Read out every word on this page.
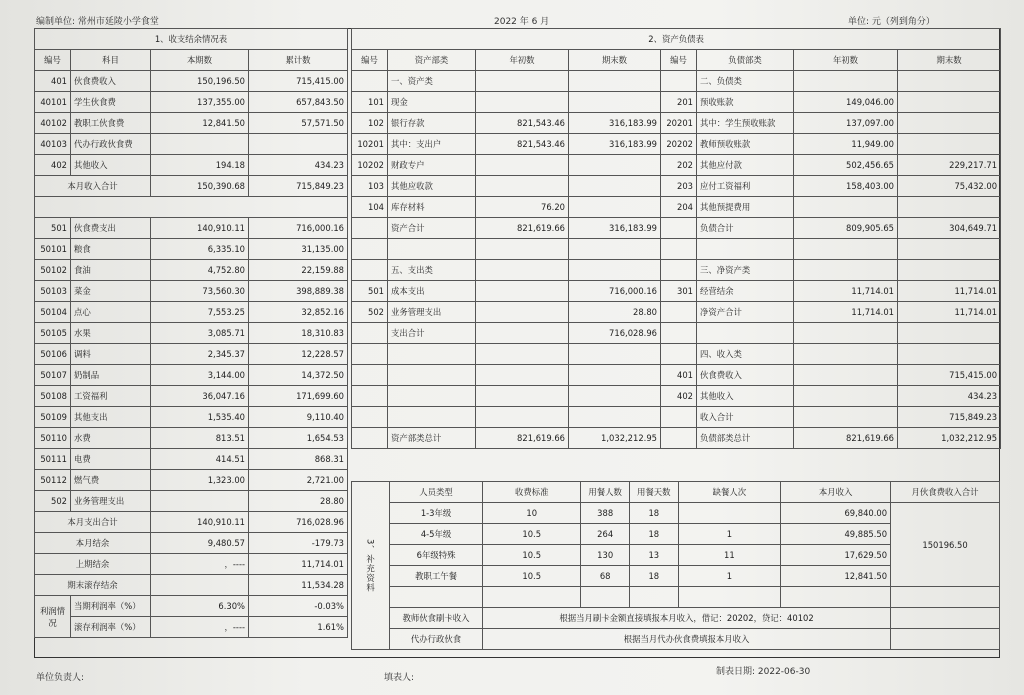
编制单位: 常州市延陵小学食堂	2022 年 6 月	单位: 元（列到角分）
1、收支结余情况表			
编号	科目	本期数	累计数
401	伙食费收入	150,196.50	715,415.00
40101	学生伙食费	137,355.00	657,843.50
40102	教职工伙食费	12,841.50	57,571.50
40103	代办行政伙食费		
402	其他收入	194.18	434.23
本月收入合计		150,390.68	715,849.23

501	伙食费支出	140,910.11	716,000.16
50101	粮食	6,335.10	31,135.00
50102	食油	4,752.80	22,159.88
50103	菜金	73,560.30	398,889.38
50104	点心	7,553.25	32,852.16
50105	水果	3,085.71	18,310.83
50106	调料	2,345.37	12,228.57
50107	奶制品	3,144.00	14,372.50
50108	工资福利	36,047.16	171,699.60
50109	其他支出	1,535.40	9,110.40
50110	水费	813.51	1,654.53
50111	电费	414.51	868.31
50112	燃气费	1,323.00	2,721.00
502	业务管理支出		28.80
本月支出合计		140,910.11	716,028.96
本月结余		9,480.57	-179.73
上期结余		，----	11,714.01
期末滚存结余			11,534.28
利润情况	当期利润率（%）	6.30%	-0.03%
	滚存利润率（%）	，----	1.61%
2、资产负债表							
编号	资产部类	年初数	期末数	编号	负债部类	年初数	期末数
	一、资产类				二、负债类		
101	现金			201	预收账款	149,046.00	
102	银行存款	821,543.46	316,183.99	20201	其中：学生预收账款	137,097.00	
10201	其中：支出户	821,543.46	316,183.99	20202	教师预收账款	11,949.00	
10202	财政专户			202	其他应付款	502,456.65	229,217.71
103	其他应收款			203	应付工资福利	158,403.00	75,432.00
104	库存材料	76.20		204	其他预提费用		
	资产合计	821,619.66	316,183.99		负债合计	809,905.65	304,649.71

	五、支出类				三、净资产类		
501	成本支出		716,000.16	301	经营结余	11,714.01	11,714.01
502	业务管理支出		28.80		净资产合计	11,714.01	11,714.01
	支出合计		716,028.96				
					四、收入类		
				401	伙食费收入		715,415.00
				402	其他收入		434.23
					收入合计		715,849.23
	资产部类总计	821,619.66	1,032,212.95		负债部类总计	821,619.66	1,032,212.95
3、补充资料	人员类型	收费标准	用餐人数	用餐天数	缺餐人次	本月收入	月伙食费收入合计
	1-3年级	10	388	18		69,840.00	150196.50
	4-5年级	10.5	264	18	1	49,885.50	
	6年级特殊	10.5	130	13	11	17,629.50	
	教职工午餐	10.5	68	18	1	12,841.50	

	教师伙食刷卡收入	根据当月刷卡金额直接填报本月收入，借记：20202，贷记：40102					
	代办行政伙食	根据当月代办伙食费填报本月收入					
单位负责人:	填表人:
制表日期: 2022-06-30
